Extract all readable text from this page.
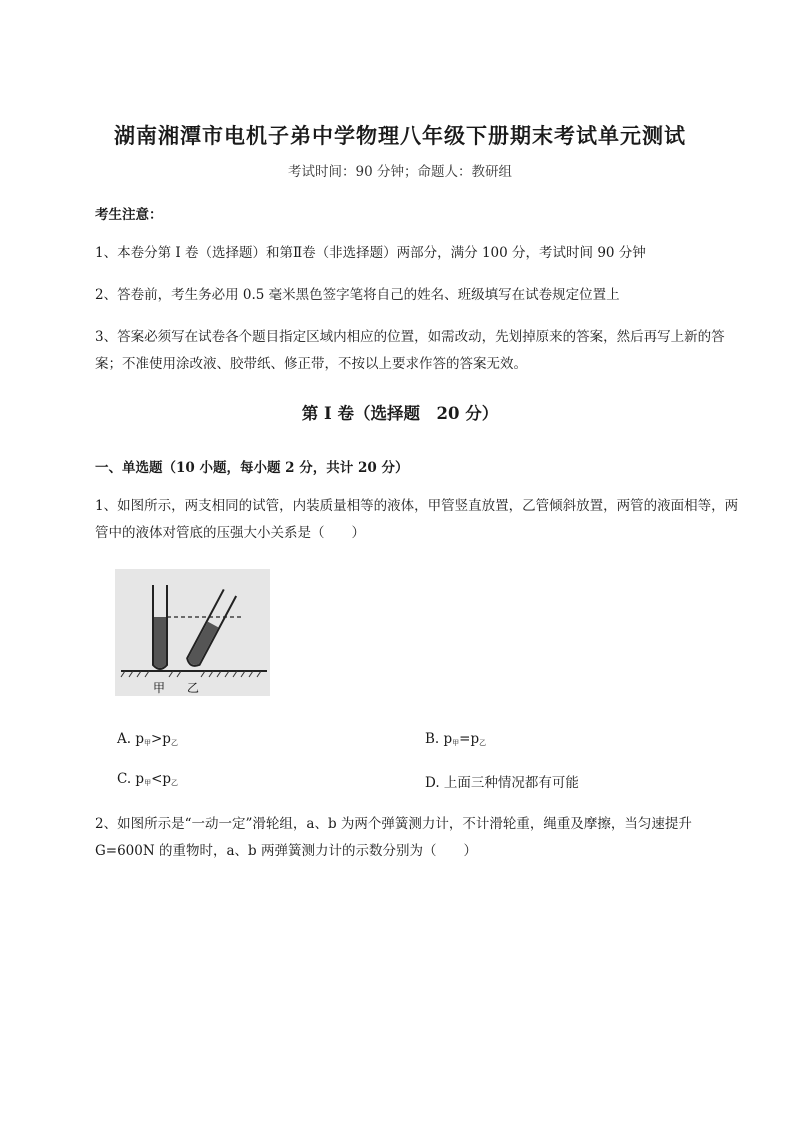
湖南湘潭市电机子弟中学物理八年级下册期末考试单元测试
考试时间：90 分钟；命题人：教研组
考生注意：
1、本卷分第 I 卷（选择题）和第Ⅱ卷（非选择题）两部分，满分 100 分，考试时间 90 分钟
2、答卷前，考生务必用 0.5 毫米黑色签字笔将自己的姓名、班级填写在试卷规定位置上
3、答案必须写在试卷各个题目指定区域内相应的位置，如需改动，先划掉原来的答案，然后再写上新的答案；不准使用涂改液、胶带纸、修正带，不按以上要求作答的答案无效。
第 I 卷（选择题　20 分）
一、单选题（10 小题，每小题 2 分，共计 20 分）
1、如图所示，两支相同的试管，内装质量相等的液体，甲管竖直放置，乙管倾斜放置，两管的液面相等，两管中的液体对管底的压强大小关系是（　　）
甲 乙
A. $p_甲>p_乙$	B. $p_甲=p_乙$
C. $p_甲<p_乙$	D. 上面三种情况都有可能
2、如图所示是“一动一定”滑轮组，a、b 为两个弹簧测力计，不计滑轮重，绳重及摩擦，当匀速提升 G=600N 的重物时，a、b 两弹簧测力计的示数分别为（　　）
